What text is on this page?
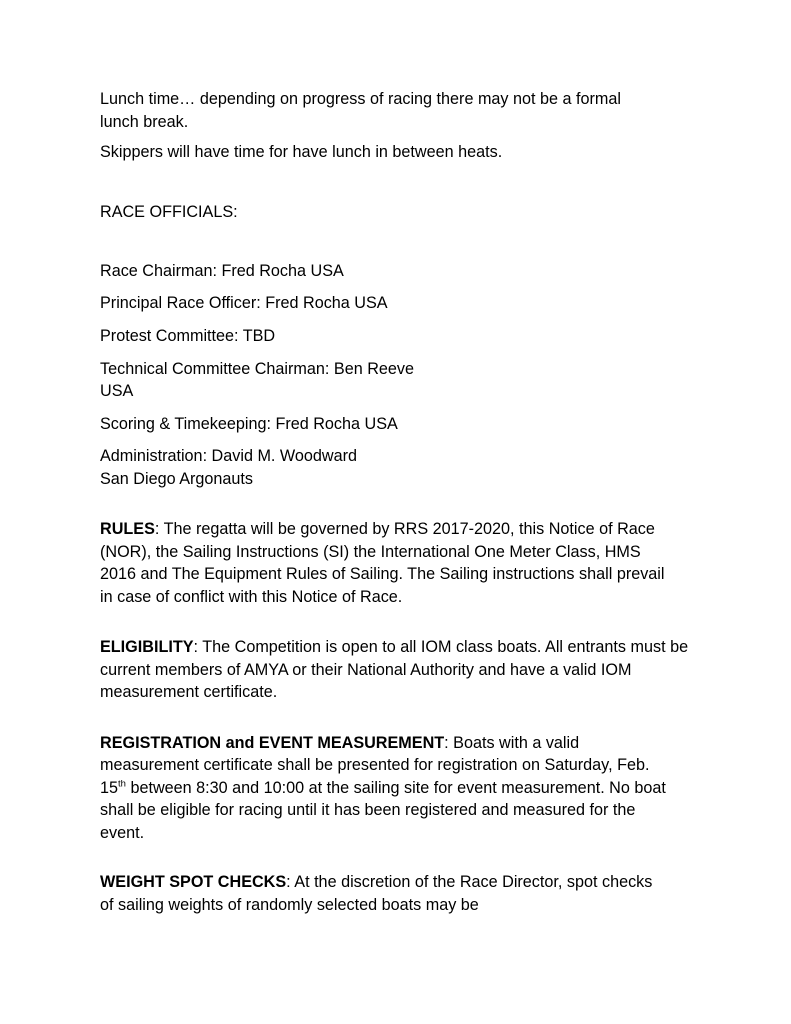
Lunch time… depending on progress of racing there may not be a formal lunch break.

Skippers will have time for have lunch in between heats.

RACE OFFICIALS:

Race Chairman: Fred Rocha USA

Principal Race Officer: Fred Rocha USA

Protest Committee: TBD

Technical Committee Chairman: Ben Reeve USA

Scoring & Timekeeping: Fred Rocha USA

Administration: David M. Woodward

San Diego Argonauts

RULES: The regatta will be governed by RRS 2017-2020, this Notice of Race (NOR), the Sailing Instructions (SI) the International One Meter Class, HMS 2016 and The Equipment Rules of Sailing. The Sailing instructions shall prevail in case of conflict with this Notice of Race.

ELIGIBILITY: The Competition is open to all IOM class boats. All entrants must be current members of AMYA or their National Authority and have a valid IOM measurement certificate.

REGISTRATION and EVENT MEASUREMENT: Boats with a valid measurement certificate shall be presented for registration on Saturday, Feb. 15th between 8:30 and 10:00 at the sailing site for event measurement. No boat shall be eligible for racing until it has been registered and measured for the event.

WEIGHT SPOT CHECKS: At the discretion of the Race Director, spot checks of sailing weights of randomly selected boats may be
